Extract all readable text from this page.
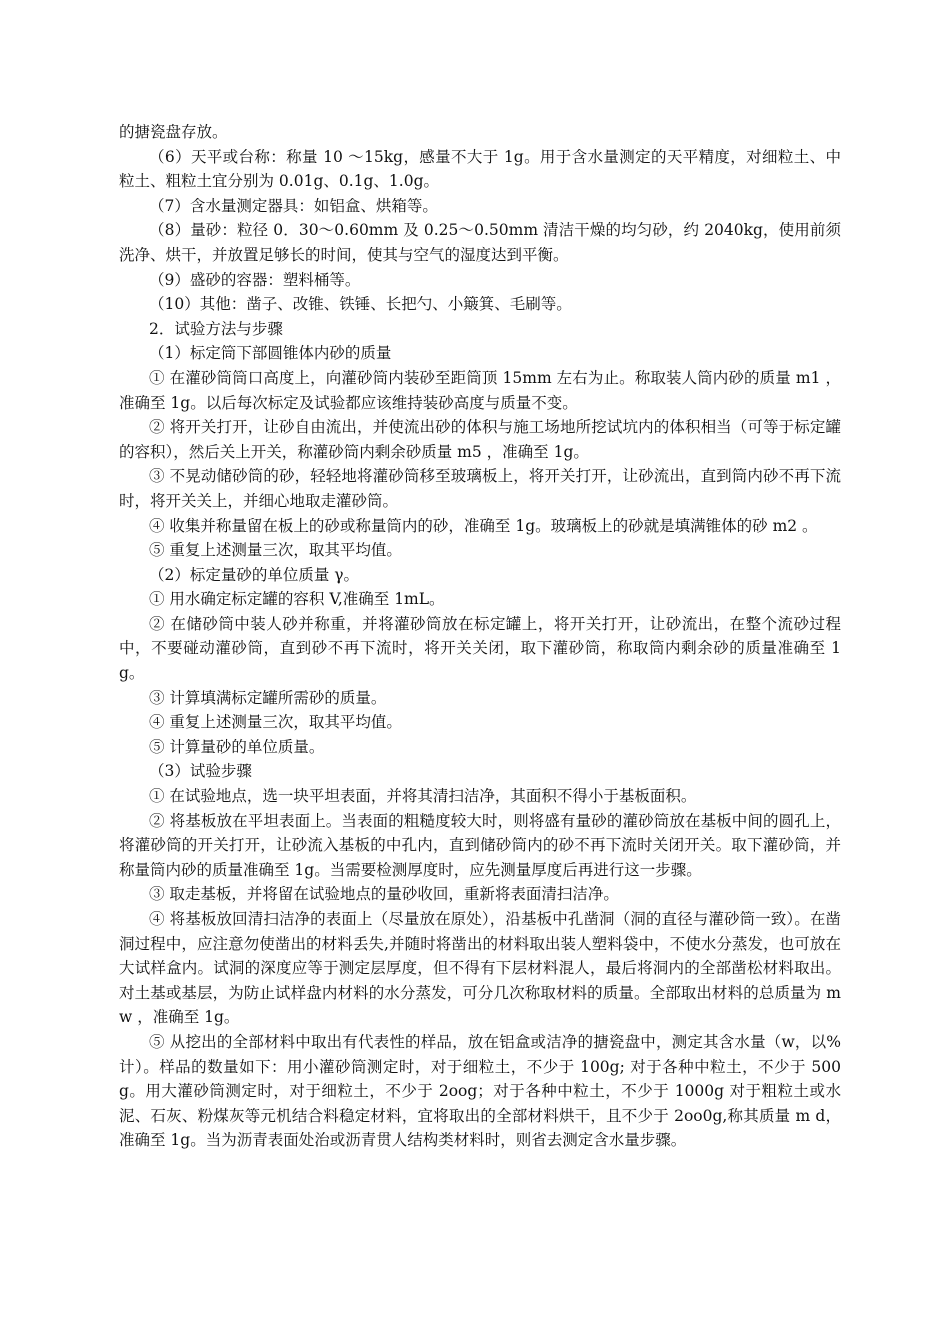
的搪瓷盘存放。

（6）天平或台称：称量 10 ～15kg，感量不大于 1g。用于含水量测定的天平精度，对细粒土、中粒土、粗粒土宜分别为 0.01g、0.1g、1.0g。

（7）含水量测定器具：如铝盒、烘箱等。

（8）量砂：粒径 0．30～0.60mm 及 0.25～0.50mm 清洁干燥的均匀砂，约 2040kg，使用前须洗净、烘干，并放置足够长的时间，使其与空气的湿度达到平衡。

（9）盛砂的容器：塑料桶等。

（10）其他：凿子、改锥、铁锤、长把勺、小簸箕、毛刷等。

2．试验方法与步骤

（1）标定筒下部圆锥体内砂的质量

① 在灌砂筒筒口高度上，向灌砂筒内装砂至距筒顶 15mm 左右为止。称取装人筒内砂的质量 m1 ，准确至 1g。以后每次标定及试验都应该维持装砂高度与质量不变。

② 将开关打开，让砂自由流出，并使流出砂的体积与施工场地所挖试坑内的体积相当（可等于标定罐的容积），然后关上开关，称灌砂筒内剩余砂质量 m5 ，准确至 1g。

③ 不晃动储砂筒的砂，轻轻地将灌砂筒移至玻璃板上，将开关打开，让砂流出，直到筒内砂不再下流时，将开关关上，并细心地取走灌砂筒。

④ 收集并称量留在板上的砂或称量筒内的砂，准确至 1g。玻璃板上的砂就是填满锥体的砂 m2 。

⑤ 重复上述测量三次，取其平均值。

（2）标定量砂的单位质量 γ。

① 用水确定标定罐的容积 V,准确至 1mL。

② 在储砂筒中装人砂并称重，并将灌砂筒放在标定罐上，将开关打开，让砂流出，在整个流砂过程中，不要碰动灌砂筒，直到砂不再下流时，将开关关闭，取下灌砂筒，称取筒内剩余砂的质量准确至 1g。

③ 计算填满标定罐所需砂的质量。

④ 重复上述测量三次，取其平均值。

⑤ 计算量砂的单位质量。

（3）试验步骤

① 在试验地点，选一块平坦表面，并将其清扫洁净，其面积不得小于基板面积。

② 将基板放在平坦表面上。当表面的粗糙度较大时，则将盛有量砂的灌砂筒放在基板中间的圆孔上，将灌砂筒的开关打开，让砂流入基板的中孔内，直到储砂筒内的砂不再下流时关闭开关。取下灌砂筒，并称量筒内砂的质量准确至 1g。当需要检测厚度时，应先测量厚度后再进行这一步骤。

③ 取走基板，并将留在试验地点的量砂收回，重新将表面清扫洁净。

④ 将基板放回清扫洁净的表面上（尽量放在原处），沿基板中孔凿洞（洞的直径与灌砂筒一致）。在凿洞过程中，应注意勿使凿出的材料丢失,并随时将凿出的材料取出装人塑料袋中，不使水分蒸发，也可放在大试样盒内。试洞的深度应等于测定层厚度，但不得有下层材料混人，最后将洞内的全部凿松材料取出。对土基或基层，为防止试样盘内材料的水分蒸发，可分几次称取材料的质量。全部取出材料的总质量为 mw ，准确至 1g。

⑤ 从挖出的全部材料中取出有代表性的样品，放在铝盒或洁净的搪瓷盘中，测定其含水量（w，以%计）。样品的数量如下：用小灌砂筒测定时，对于细粒土，不少于 100g; 对于各种中粒土，不少于 500g。用大灌砂筒测定时，对于细粒土，不少于 2oog；对于各种中粒土，不少于 1000g 对于粗粒土或水泥、石灰、粉煤灰等元机结合料稳定材料，宜将取出的全部材料烘干，且不少于 2oo0g,称其质量 m d，准确至 1g。当为沥青表面处治或沥青贯人结构类材料时，则省去测定含水量步骤。
